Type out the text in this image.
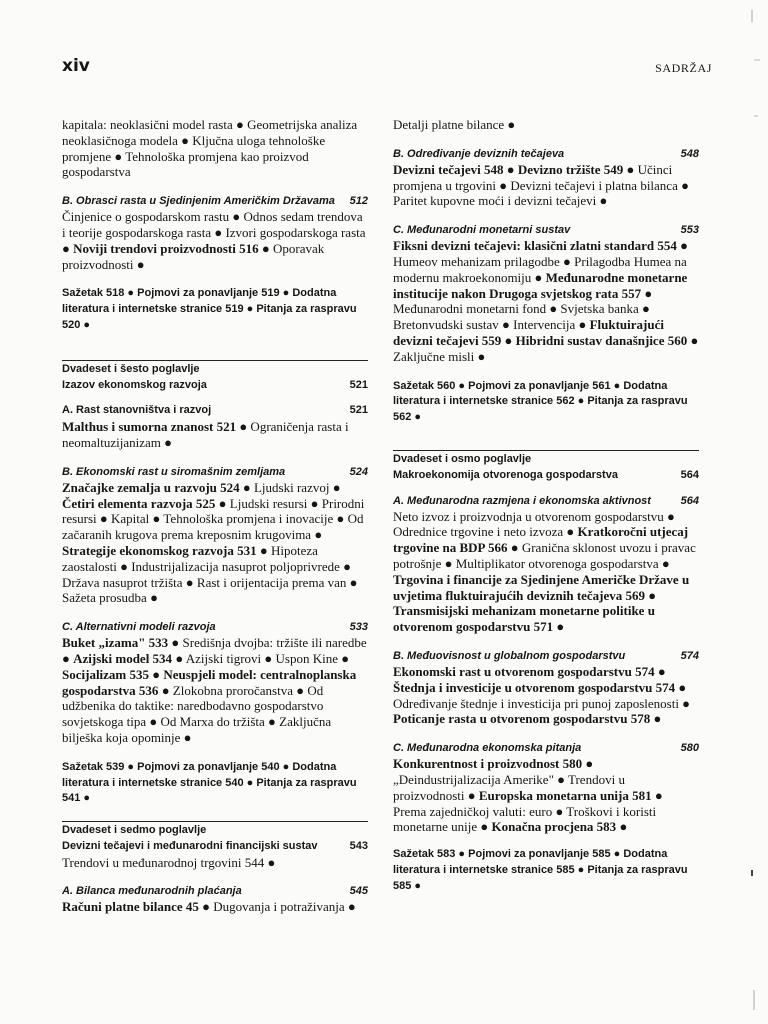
xiv	SADRŽAJ

kapitala: neoklasični model rasta ● Geometrijska analiza neoklasičnoga modela ● Ključna uloga tehnološke promjene ● Tehnološka promjena kao proizvod gospodarstva

B. Obrasci rasta u Sjedinjenim Američkim Državama 512

Činjenice o gospodarskom rastu ● Odnos sedam trendova i teorije gospodarskoga rasta ● Izvori gospodarskoga rasta ● Noviji trendovi proizvodnosti 516 ● Oporavak proizvodnosti ●

Sažetak 518 ● Pojmovi za ponavljanje 519 ● Dodatna literatura i internetske stranice 519 ● Pitanja za raspravu 520 ●

Dvadeset i šesto poglavlje
Izazov ekonomskog razvoja	521
A. Rast stanovništva i razvoj	521

Malthus i sumorna znanost 521 ● Ograničenja rasta i neomaltuzijanizam ●

B. Ekonomski rast u siromašnim zemljama	524

Značajke zemalja u razvoju 524 ● Ljudski razvoj ● Četiri elementa razvoja 525 ● Ljudski resursi ● Prirodni resursi ● Kapital ● Tehnološka promjena i inovacije ● Od začaranih krugova prema kreposnim krugovima ● Strategije ekonomskog razvoja 531 ● Hipoteza zaostalosti ● Industrijalizacija nasuprot poljoprivrede ● Država nasuprot tržišta ● Rast i orijentacija prema van ● Sažeta prosudba ●

C. Alternativni modeli razvoja	533

Buket „izama" 533 ● Središnja dvojba: tržište ili naredbe ● Azijski model 534 ● Azijski tigrovi ● Uspon Kine ● Socijalizam 535 ● Neuspjeli model: centralnoplanska gospodarstva 536 ● Zlokobna proročanstva ● Od udžbenika do taktike: naredbodavno gospodarstvo sovjetskoga tipa ● Od Marxa do tržišta ● Zaključna bilješka koja opominje ●

Sažetak 539 ● Pojmovi za ponavljanje 540 ● Dodatna literatura i internetske stranice 540 ● Pitanja za raspravu 541 ●

Dvadeset i sedmo poglavlje
Devizni tečajevi i međunarodni financijski sustav	543

Trendovi u međunarodnoj trgovini 544 ●

A. Bilanca međunarodnih plaćanja	545

Računi platne bilance 45 ● Dugovanja i potraživanja ●

Detalji platne bilance ●

B. Određivanje deviznih tečajeva	548

Devizni tečajevi 548 ● Devizno tržište 549 ● Učinci promjena u trgovini ● Devizni tečajevi i platna bilanca ● Paritet kupovne moći i devizni tečajevi ●

C. Međunarodni monetarni sustav	553

Fiksni devizni tečajevi: klasični zlatni standard 554 ● Humeov mehanizam prilagodbe ● Prilagodba Humea na modernu makroekonomiju ● Međunarodne monetarne institucije nakon Drugoga svjetskog rata 557 ● Međunarodni monetarni fond ● Svjetska banka ● Bretonvudski sustav ● Intervencija ● Fluktuirajući devizni tečajevi 559 ● Hibridni sustav današnjice 560 ● Zaključne misli ●

Sažetak 560 ● Pojmovi za ponavljanje 561 ● Dodatna literatura i internetske stranice 562 ● Pitanja za raspravu 562 ●

Dvadeset i osmo poglavlje
Makroekonomija otvorenoga gospodarstva	564
A. Međunarodna razmjena i ekonomska aktivnost	564

Neto izvoz i proizvodnja u otvorenom gospodarstvu ● Odrednice trgovine i neto izvoza ● Kratkoročni utjecaj trgovine na BDP 566 ● Granična sklonost uvozu i pravac potrošnje ● Multiplikator otvorenoga gospodarstva ● Trgovina i financije za Sjedinjene Američke Države u uvjetima fluktuirajućih deviznih tečajeva 569 ● Transmisijski mehanizam monetarne politike u otvorenom gospodarstvu 571 ●

B. Međuovisnost u globalnom gospodarstvu	574

Ekonomski rast u otvorenom gospodarstvu 574 ● Štednja i investicije u otvorenom gospodarstvu 574 ● Određivanje štednje i investicija pri punoj zaposlenosti ● Poticanje rasta u otvorenom gospodarstvu 578 ●

C. Međunarodna ekonomska pitanja	580

Konkurentnost i proizvodnost 580 ● „Deindustrijalizacija Amerike" ● Trendovi u proizvodnosti ● Europska monetarna unija 581 ● Prema zajedničkoj valuti: euro ● Troškovi i koristi monetarne unije ● Konačna procjena 583 ●

Sažetak 583 ● Pojmovi za ponavljanje 585 ● Dodatna literatura i internetske stranice 585 ● Pitanja za raspravu 585 ●
